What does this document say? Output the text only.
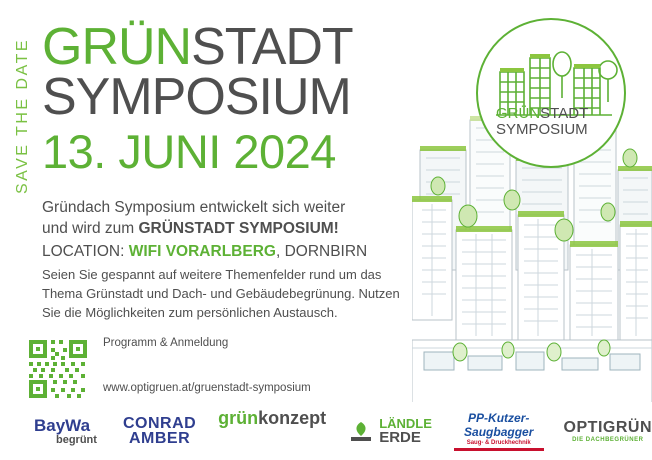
SAVE THE DATE GRÜNSTADT
SYMPOSIUM
13. JUNI 2024
Gründach Symposium entwickelt sich weiter
und wird zum GRÜNSTADT SYMPOSIUM!
LOCATION: WIFI VORARLBERG, DORNBIRN
Seien Sie gespannt auf weitere Themenfelder rund um das Thema Grünstadt und Dach- und Gebäudebegrünung. Nutzen Sie die Möglichkeiten zum persönlichen Austausch.
Programm & Anmeldung
www.optigruen.at/gruenstadt-symposium
GRÜNSTADT
SYMPOSIUM
BayWa
begrünt
CONRAD
AMBER
grün konzept	LÄNDLE
ERDE
PP-Kutzer-Saugbagger
Saug- & Druckhechnik
OPTIGRÜN
DIE DACHBEGRÜNER
